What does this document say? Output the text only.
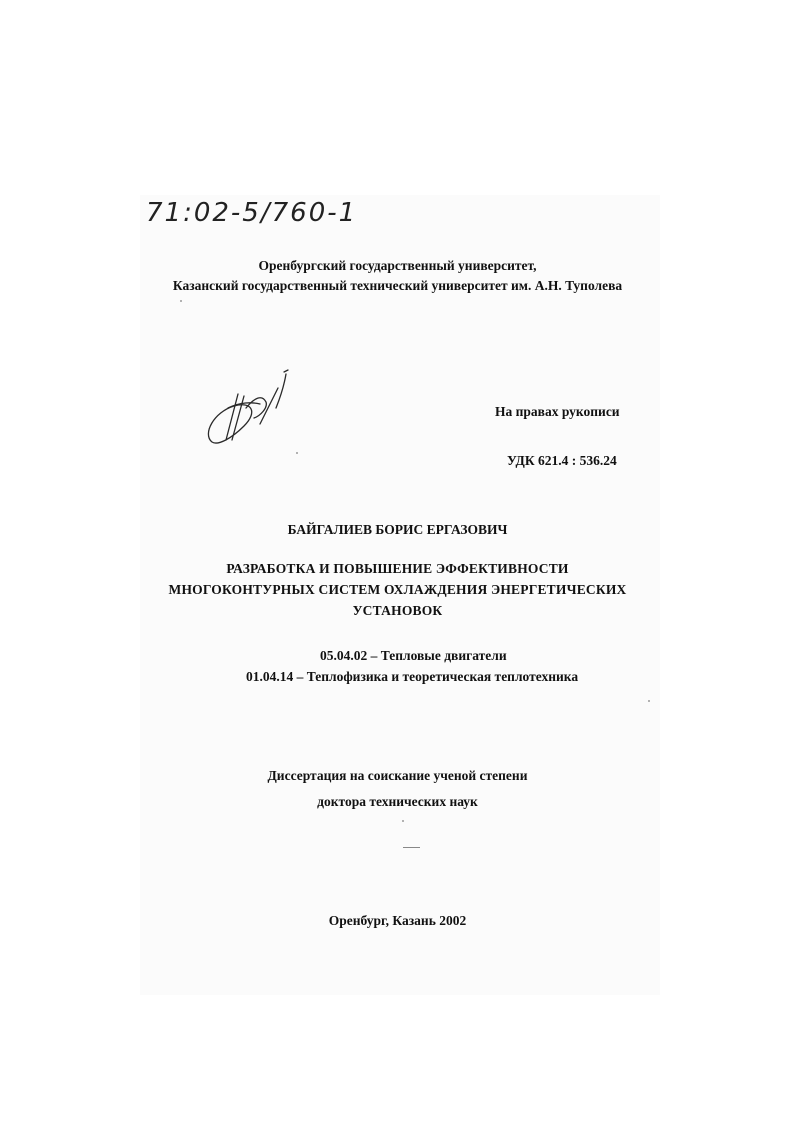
71:02-5/760-1
Оренбургский государственный университет,
Казанский государственный технический университет им. А.Н. Туполева
На правах рукописи
УДК 621.4 : 536.24
БАЙГАЛИЕВ БОРИС ЕРГАЗОВИЧ
РАЗРАБОТКА И ПОВЫШЕНИЕ ЭФФЕКТИВНОСТИ
МНОГОКОНТУРНЫХ СИСТЕМ ОХЛАЖДЕНИЯ ЭНЕРГЕТИЧЕСКИХ
УСТАНОВОК
05.04.02 – Тепловые двигатели
01.04.14 – Теплофизика и теоретическая теплотехника
Диссертация на соискание ученой степени
доктора технических наук
Оренбург, Казань 2002
